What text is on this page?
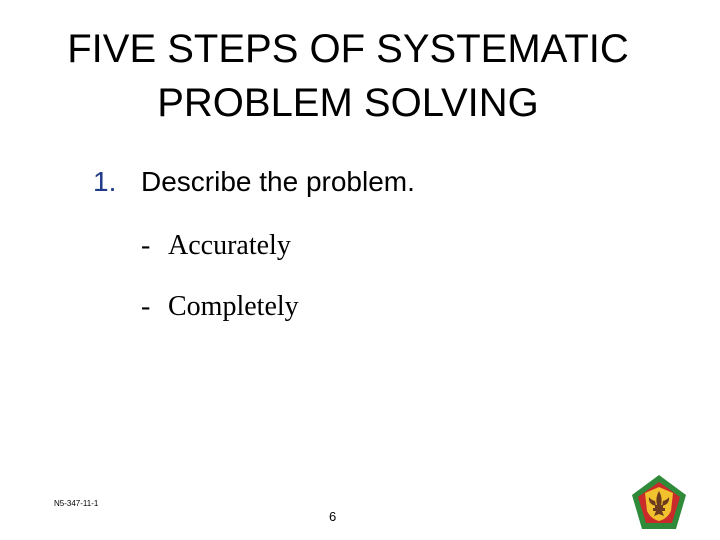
FIVE STEPS OF SYSTEMATIC
PROBLEM SOLVING
1. Describe the problem.
- Accurately
- Completely
N5-347-11-1
6
